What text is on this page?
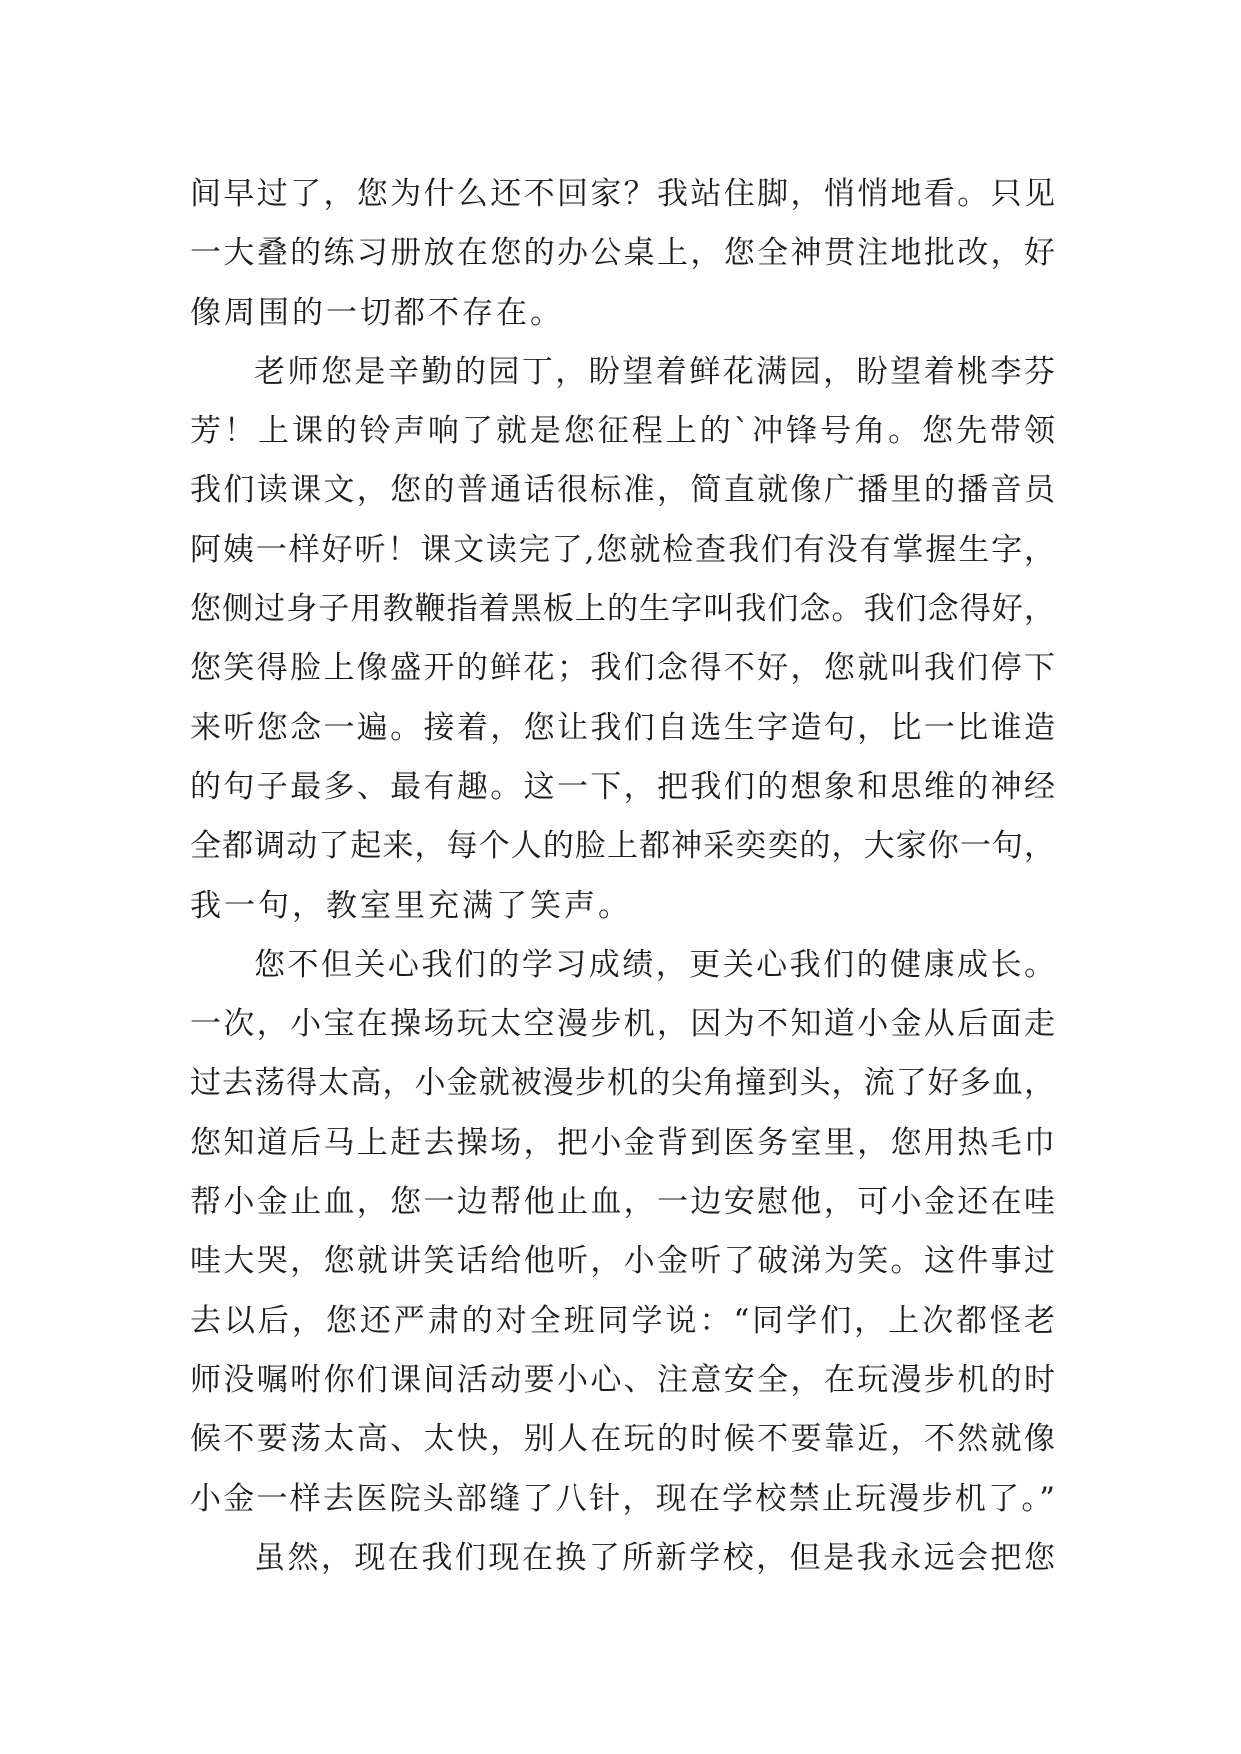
间早过了，您为什么还不回家？我站住脚，悄悄地看。只见
一大叠的练习册放在您的办公桌上，您全神贯注地批改，好
像周围的一切都不存在。
老师您是辛勤的园丁，盼望着鲜花满园，盼望着桃李芬
芳！上课的铃声响了就是您征程上的`冲锋号角。您先带领
我们读课文，您的普通话很标准，简直就像广播里的播音员
阿姨一样好听！课文读完了,您就检查我们有没有掌握生字，
您侧过身子用教鞭指着黑板上的生字叫我们念。我们念得好，
您笑得脸上像盛开的鲜花；我们念得不好，您就叫我们停下
来听您念一遍。接着，您让我们自选生字造句，比一比谁造
的句子最多、最有趣。这一下，把我们的想象和思维的神经
全都调动了起来，每个人的脸上都神采奕奕的，大家你一句，
我一句，教室里充满了笑声。
您不但关心我们的学习成绩，更关心我们的健康成长。
一次，小宝在操场玩太空漫步机，因为不知道小金从后面走
过去荡得太高，小金就被漫步机的尖角撞到头，流了好多血，
您知道后马上赶去操场，把小金背到医务室里，您用热毛巾
帮小金止血，您一边帮他止血，一边安慰他，可小金还在哇
哇大哭，您就讲笑话给他听，小金听了破涕为笑。这件事过
去以后，您还严肃的对全班同学说：“同学们，上次都怪老
师没嘱咐你们课间活动要小心、注意安全，在玩漫步机的时
候不要荡太高、太快，别人在玩的时候不要靠近，不然就像
小金一样去医院头部缝了八针，现在学校禁止玩漫步机了。”
虽然，现在我们现在换了所新学校，但是我永远会把您
